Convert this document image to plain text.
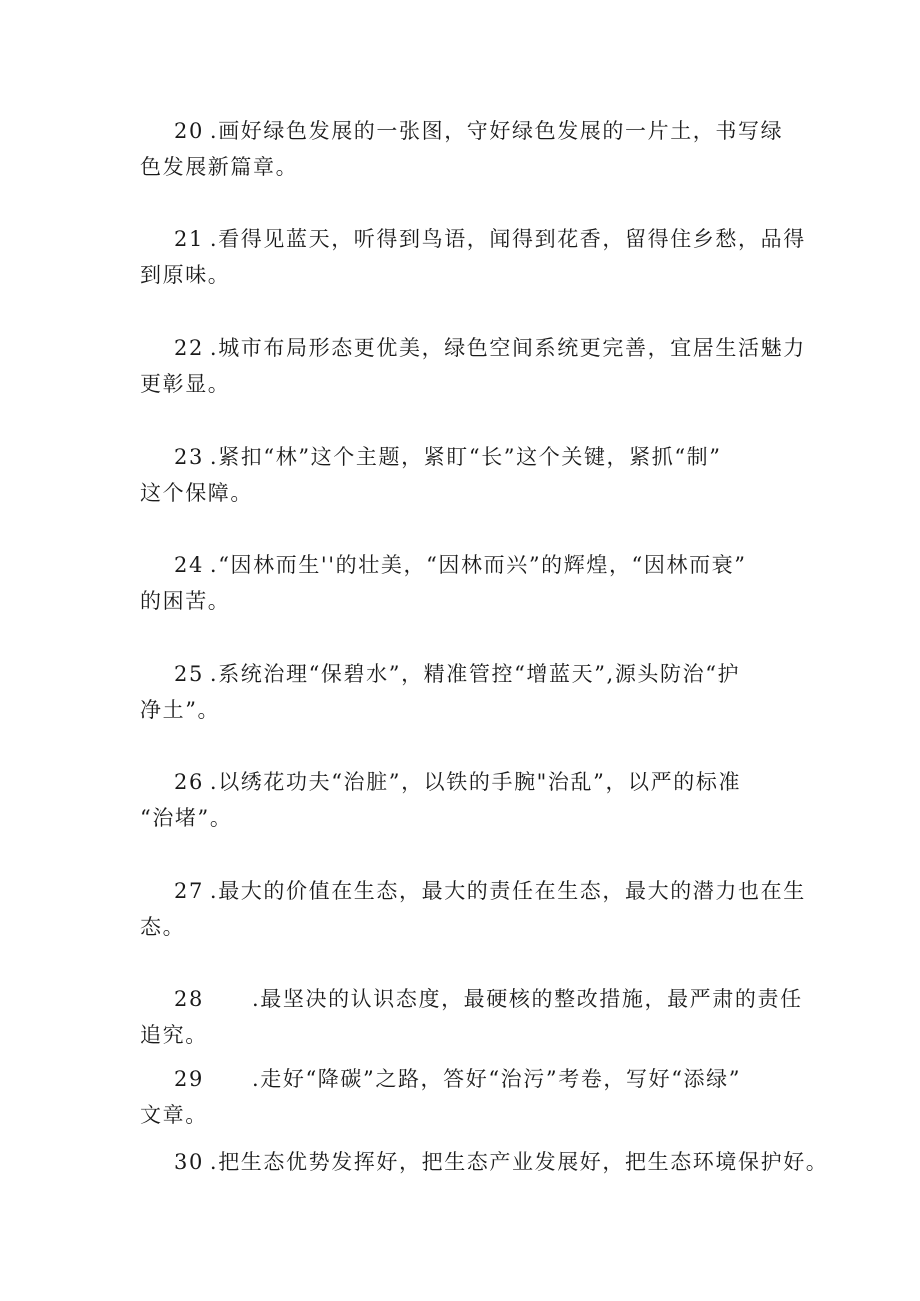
20 .画好绿色发展的一张图，守好绿色发展的一片土，书写绿
色发展新篇章。
21 .看得见蓝天，听得到鸟语，闻得到花香，留得住乡愁，品得
到原味。
22 .城市布局形态更优美，绿色空间系统更完善，宜居生活魅力
更彰显。
23 .紧扣“林”这个主题，紧盯“长”这个关键，紧抓“制”
这个保障。
24 .“因林而生''的壮美，“因林而兴”的辉煌，“因林而衰”
的困苦。
25 .系统治理“保碧水”，精准管控“增蓝天”,源头防治“护
净土”。
26 .以绣花功夫“治脏”，以铁的手腕"治乱”，以严的标准
“治堵”。
27 .最大的价值在生态，最大的责任在生态，最大的潜力也在生
态。
28 .最坚决的认识态度，最硬核的整改措施，最严肃的责任
追究。
29 .走好“降碳”之路，答好“治污”考卷，写好“添绿”
文章。
30 .把生态优势发挥好，把生态产业发展好，把生态环境保护好。
